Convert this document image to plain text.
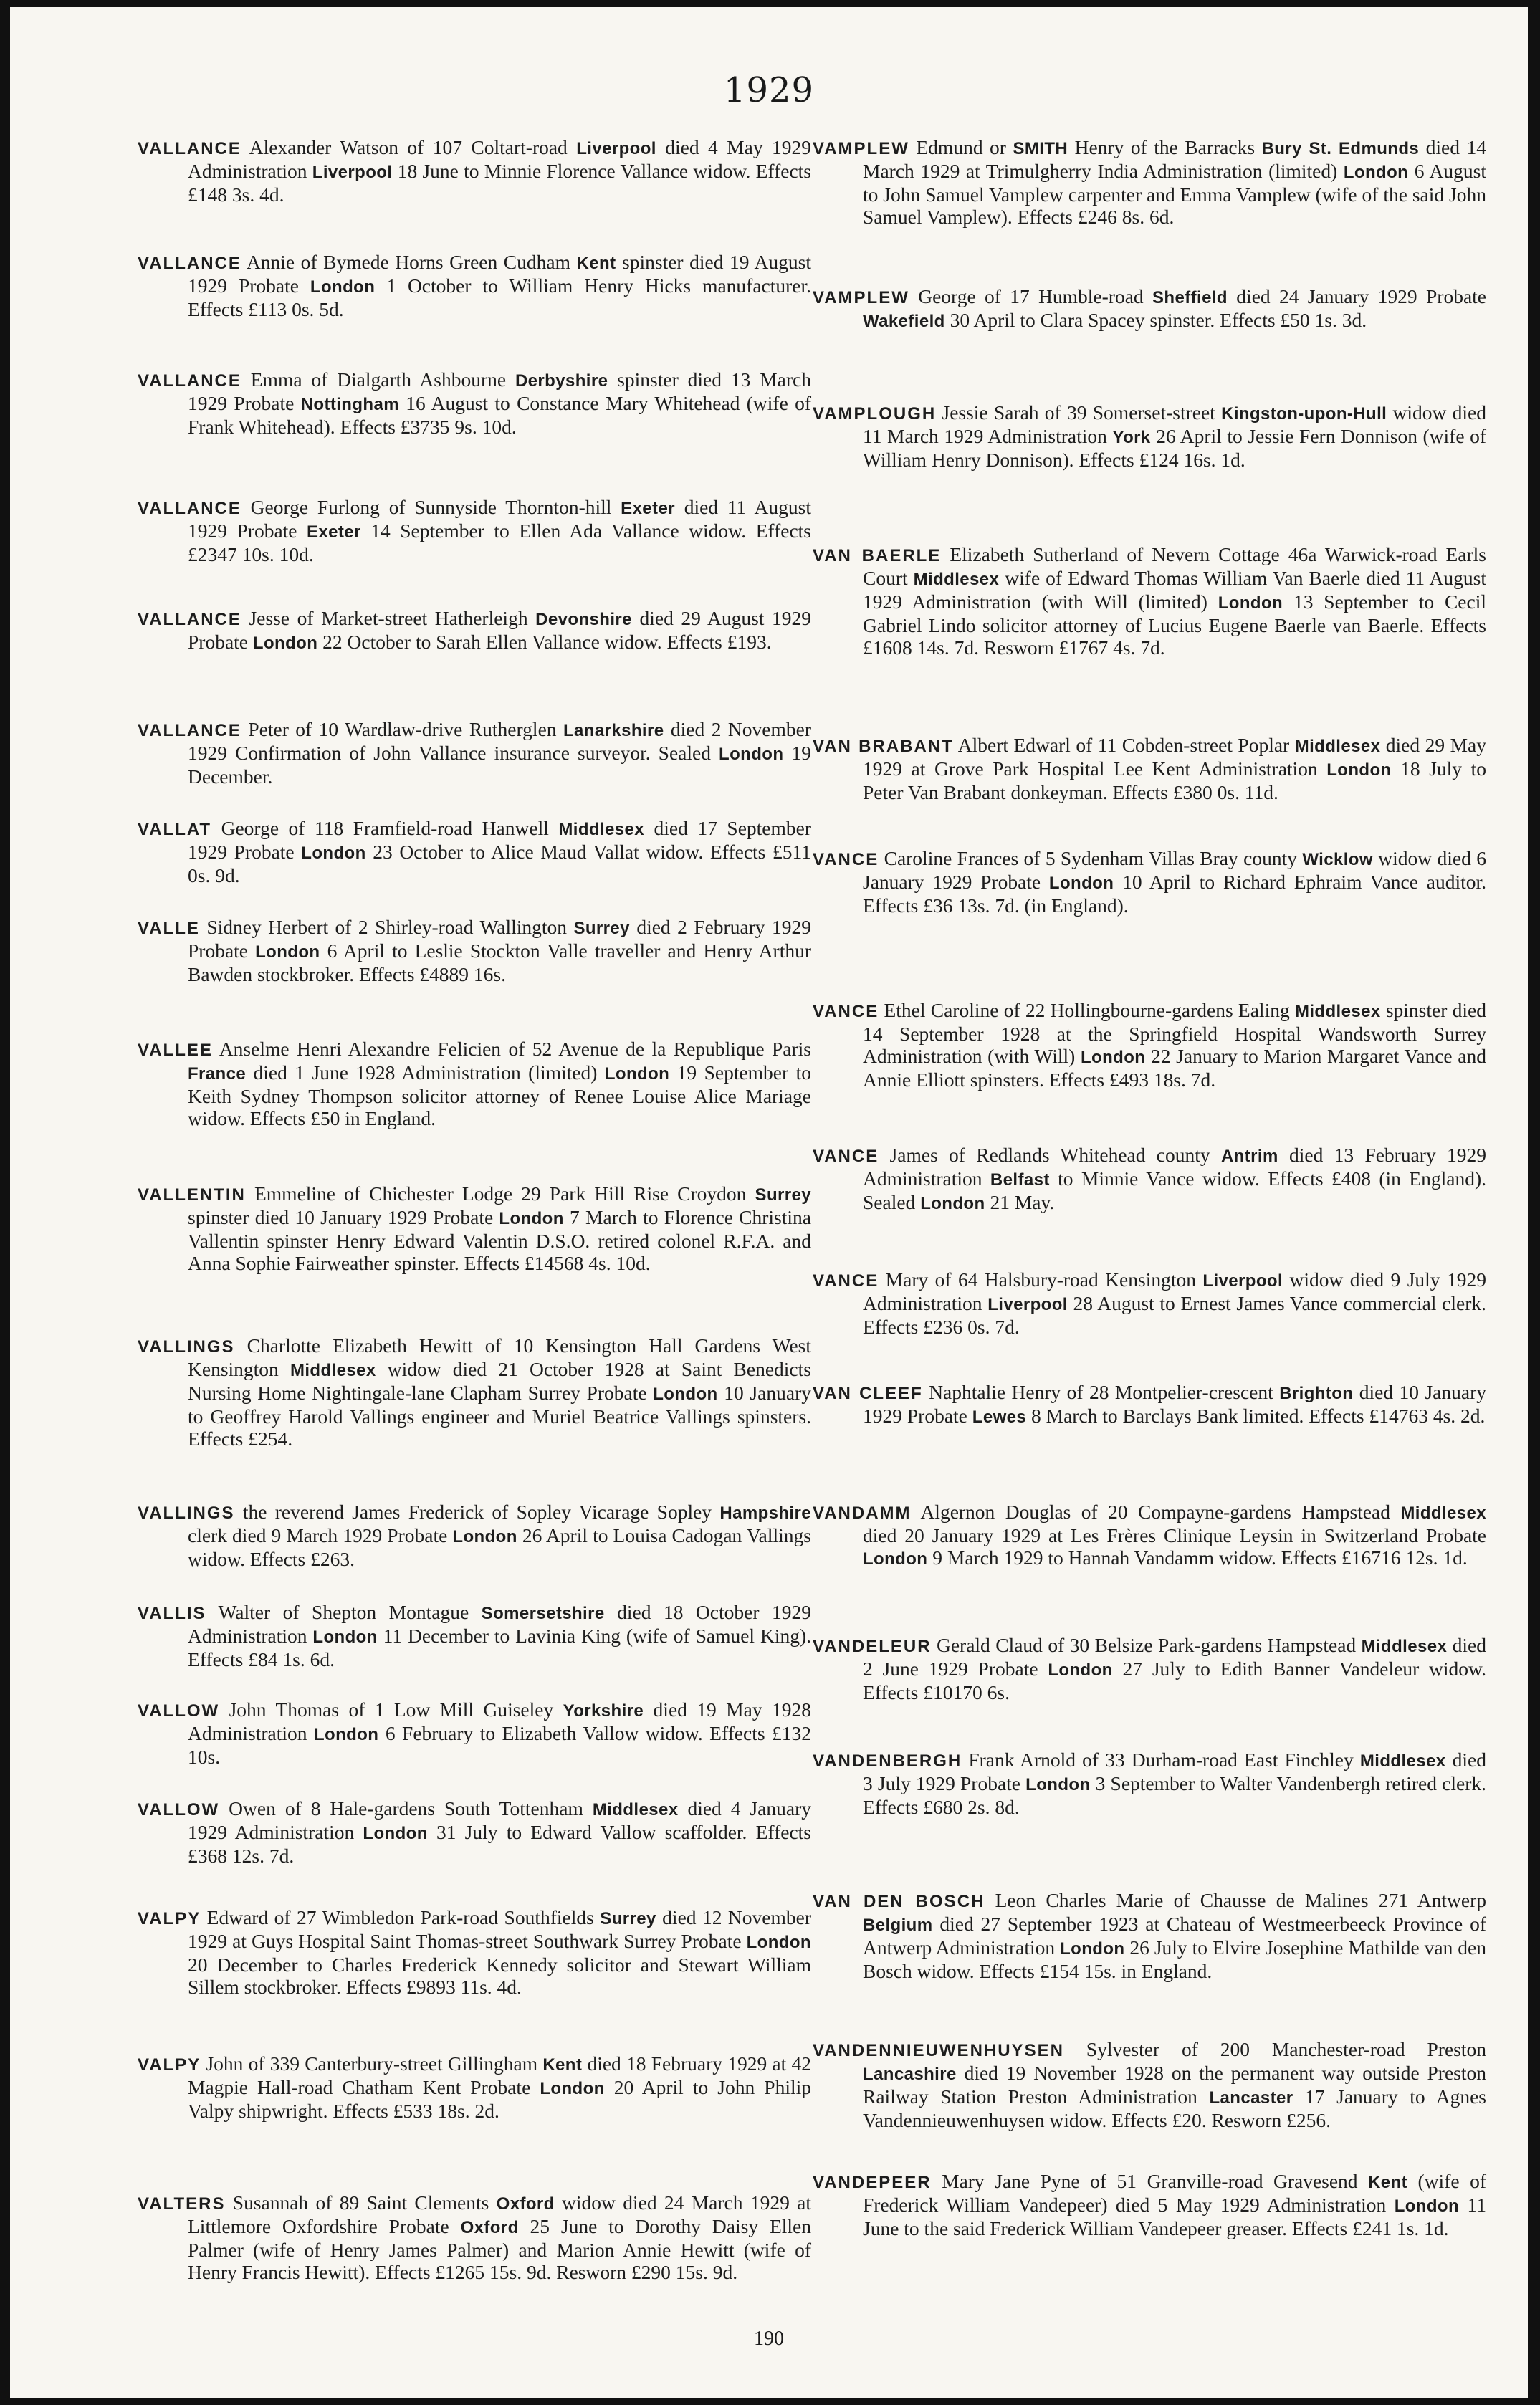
1929
VALLANCE Alexander Watson of 107 Coltart-road Liverpool died 4 May 1929 Administration Liverpool 18 June to Minnie Florence Vallance widow. Effects £148 3s. 4d.
VALLANCE Annie of Bymede Horns Green Cudham Kent spinster died 19 August 1929 Probate London 1 October to William Henry Hicks manufacturer. Effects £113 0s. 5d.
VALLANCE Emma of Dialgarth Ashbourne Derbyshire spinster died 13 March 1929 Probate Nottingham 16 August to Constance Mary Whitehead (wife of Frank Whitehead). Effects £3735 9s. 10d.
VALLANCE George Furlong of Sunnyside Thornton-hill Exeter died 11 August 1929 Probate Exeter 14 September to Ellen Ada Vallance widow. Effects £2347 10s. 10d.
VALLANCE Jesse of Market-street Hatherleigh Devonshire died 29 August 1929 Probate London 22 October to Sarah Ellen Vallance widow. Effects £193.
VALLANCE Peter of 10 Wardlaw-drive Rutherglen Lanarkshire died 2 November 1929 Confirmation of John Vallance insurance surveyor. Sealed London 19 December.
VALLAT George of 118 Framfield-road Hanwell Middlesex died 17 September 1929 Probate London 23 October to Alice Maud Vallat widow. Effects £511 0s. 9d.
VALLE Sidney Herbert of 2 Shirley-road Wallington Surrey died 2 February 1929 Probate London 6 April to Leslie Stockton Valle traveller and Henry Arthur Bawden stockbroker. Effects £4889 16s.
VALLEE Anselme Henri Alexandre Felicien of 52 Avenue de la Republique Paris France died 1 June 1928 Administration (limited) London 19 September to Keith Sydney Thompson solicitor attorney of Renee Louise Alice Mariage widow. Effects £50 in England.
VALLENTIN Emmeline of Chichester Lodge 29 Park Hill Rise Croydon Surrey spinster died 10 January 1929 Probate London 7 March to Florence Christina Vallentin spinster Henry Edward Valentin D.S.O. retired colonel R.F.A. and Anna Sophie Fairweather spinster. Effects £14568 4s. 10d.
VALLINGS Charlotte Elizabeth Hewitt of 10 Kensington Hall Gardens West Kensington Middlesex widow died 21 October 1928 at Saint Benedicts Nursing Home Nightingale-lane Clapham Surrey Probate London 10 January to Geoffrey Harold Vallings engineer and Muriel Beatrice Vallings spinsters. Effects £254.
VALLINGS the reverend James Frederick of Sopley Vicarage Sopley Hampshire clerk died 9 March 1929 Probate London 26 April to Louisa Cadogan Vallings widow. Effects £263.
VALLIS Walter of Shepton Montague Somersetshire died 18 October 1929 Administration London 11 December to Lavinia King (wife of Samuel King). Effects £84 1s. 6d.
VALLOW John Thomas of 1 Low Mill Guiseley Yorkshire died 19 May 1928 Administration London 6 February to Elizabeth Vallow widow. Effects £132 10s.
VALLOW Owen of 8 Hale-gardens South Tottenham Middlesex died 4 January 1929 Administration London 31 July to Edward Vallow scaffolder. Effects £368 12s. 7d.
VALPY Edward of 27 Wimbledon Park-road Southfields Surrey died 12 November 1929 at Guys Hospital Saint Thomas-street Southwark Surrey Probate London 20 December to Charles Frederick Kennedy solicitor and Stewart William Sillem stockbroker. Effects £9893 11s. 4d.
VALPY John of 339 Canterbury-street Gillingham Kent died 18 February 1929 at 42 Magpie Hall-road Chatham Kent Probate London 20 April to John Philip Valpy shipwright. Effects £533 18s. 2d.
VALTERS Susannah of 89 Saint Clements Oxford widow died 24 March 1929 at Littlemore Oxfordshire Probate Oxford 25 June to Dorothy Daisy Ellen Palmer (wife of Henry James Palmer) and Marion Annie Hewitt (wife of Henry Francis Hewitt). Effects £1265 15s. 9d. Resworn £290 15s. 9d.
VAMPLEW Edmund or SMITH Henry of the Barracks Bury St. Edmunds died 14 March 1929 at Trimulgherry India Administration (limited) London 6 August to John Samuel Vamplew carpenter and Emma Vamplew (wife of the said John Samuel Vamplew). Effects £246 8s. 6d.
VAMPLEW George of 17 Humble-road Sheffield died 24 January 1929 Probate Wakefield 30 April to Clara Spacey spinster. Effects £50 1s. 3d.
VAMPLOUGH Jessie Sarah of 39 Somerset-street Kingston-upon-Hull widow died 11 March 1929 Administration York 26 April to Jessie Fern Donnison (wife of William Henry Donnison). Effects £124 16s. 1d.
VAN BAERLE Elizabeth Sutherland of Nevern Cottage 46a Warwick-road Earls Court Middlesex wife of Edward Thomas William Van Baerle died 11 August 1929 Administration (with Will (limited) London 13 September to Cecil Gabriel Lindo solicitor attorney of Lucius Eugene Baerle van Baerle. Effects £1608 14s. 7d. Resworn £1767 4s. 7d.
VAN BRABANT Albert Edwarl of 11 Cobden-street Poplar Middlesex died 29 May 1929 at Grove Park Hospital Lee Kent Administration London 18 July to Peter Van Brabant donkeyman. Effects £380 0s. 11d.
VANCE Caroline Frances of 5 Sydenham Villas Bray county Wicklow widow died 6 January 1929 Probate London 10 April to Richard Ephraim Vance auditor. Effects £36 13s. 7d. (in England).
VANCE Ethel Caroline of 22 Hollingbourne-gardens Ealing Middlesex spinster died 14 September 1928 at the Springfield Hospital Wandsworth Surrey Administration (with Will) London 22 January to Marion Margaret Vance and Annie Elliott spinsters. Effects £493 18s. 7d.
VANCE James of Redlands Whitehead county Antrim died 13 February 1929 Administration Belfast to Minnie Vance widow. Effects £408 (in England). Sealed London 21 May.
VANCE Mary of 64 Halsbury-road Kensington Liverpool widow died 9 July 1929 Administration Liverpool 28 August to Ernest James Vance commercial clerk. Effects £236 0s. 7d.
VAN CLEEF Naphtalie Henry of 28 Montpelier-crescent Brighton died 10 January 1929 Probate Lewes 8 March to Barclays Bank limited. Effects £14763 4s. 2d.
VANDAMM Algernon Douglas of 20 Compayne-gardens Hampstead Middlesex died 20 January 1929 at Les Frères Clinique Leysin in Switzerland Probate London 9 March 1929 to Hannah Vandamm widow. Effects £16716 12s. 1d.
VANDELEUR Gerald Claud of 30 Belsize Park-gardens Hampstead Middlesex died 2 June 1929 Probate London 27 July to Edith Banner Vandeleur widow. Effects £10170 6s.
VANDENBERGH Frank Arnold of 33 Durham-road East Finchley Middlesex died 3 July 1929 Probate London 3 September to Walter Vandenbergh retired clerk. Effects £680 2s. 8d.
VAN DEN BOSCH Leon Charles Marie of Chausse de Malines 271 Antwerp Belgium died 27 September 1923 at Chateau of Westmeerbeeck Province of Antwerp Administration London 26 July to Elvire Josephine Mathilde van den Bosch widow. Effects £154 15s. in England.
VANDENNIEUWENHUYSEN Sylvester of 200 Manchester-road Preston Lancashire died 19 November 1928 on the permanent way outside Preston Railway Station Preston Administration Lancaster 17 January to Agnes Vandennieuwenhuysen widow. Effects £20. Resworn £256.
VANDEPEER Mary Jane Pyne of 51 Granville-road Gravesend Kent (wife of Frederick William Vandepeer) died 5 May 1929 Administration London 11 June to the said Frederick William Vandepeer greaser. Effects £241 1s. 1d.
190
